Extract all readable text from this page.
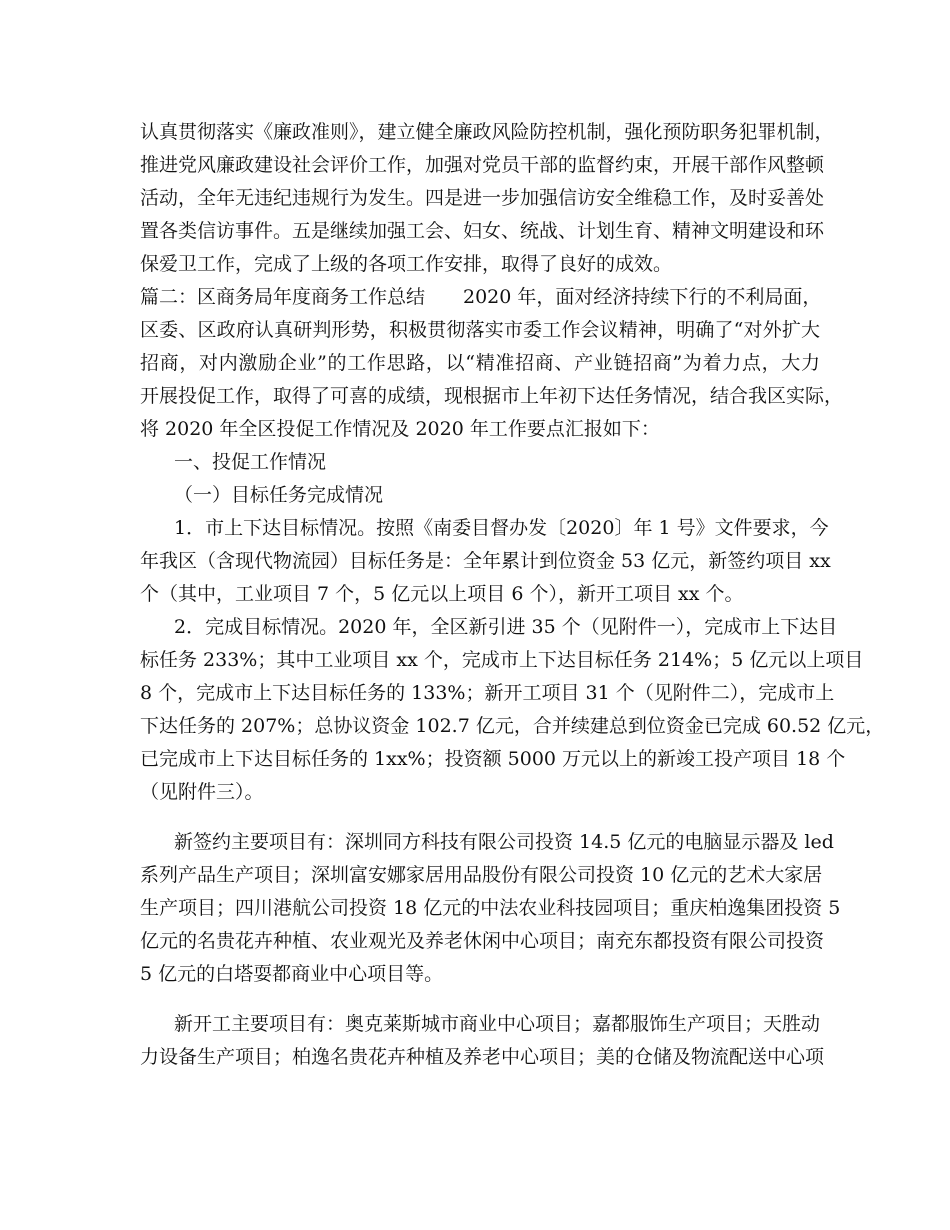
认真贯彻落实《廉政准则》，建立健全廉政风险防控机制，强化预防职务犯罪机制，
推进党风廉政建设社会评价工作，加强对党员干部的监督约束，开展干部作风整顿
活动，全年无违纪违规行为发生。四是进一步加强信访安全维稳工作，及时妥善处
置各类信访事件。五是继续加强工会、妇女、统战、计划生育、精神文明建设和环
保爱卫工作，完成了上级的各项工作安排，取得了良好的成效。
篇二：区商务局年度商务工作总结　　2020 年，面对经济持续下行的不利局面，
区委、区政府认真研判形势，积极贯彻落实市委工作会议精神，明确了“对外扩大
招商，对内激励企业”的工作思路，以“精准招商、产业链招商”为着力点，大力
开展投促工作，取得了可喜的成绩，现根据市上年初下达任务情况，结合我区实际，
将 2020 年全区投促工作情况及 2020 年工作要点汇报如下：
一、投促工作情况
（一）目标任务完成情况
1．市上下达目标情况。按照《南委目督办发〔2020〕年 1 号》文件要求，今
年我区（含现代物流园）目标任务是：全年累计到位资金 53 亿元，新签约项目 xx
个（其中，工业项目 7 个，5 亿元以上项目 6 个），新开工项目 xx 个。
2．完成目标情况。2020 年，全区新引进 35 个（见附件一），完成市上下达目
标任务 233%；其中工业项目 xx 个，完成市上下达目标任务 214%；5 亿元以上项目
8 个，完成市上下达目标任务的 133%；新开工项目 31 个（见附件二），完成市上
下达任务的 207%；总协议资金 102.7 亿元，合并续建总到位资金已完成 60.52 亿元，
已完成市上下达目标任务的 1xx%；投资额 5000 万元以上的新竣工投产项目 18 个
（见附件三）。
新签约主要项目有：深圳同方科技有限公司投资 14.5 亿元的电脑显示器及 led
系列产品生产项目；深圳富安娜家居用品股份有限公司投资 10 亿元的艺术大家居
生产项目；四川港航公司投资 18 亿元的中法农业科技园项目；重庆柏逸集团投资 5
亿元的名贵花卉种植、农业观光及养老休闲中心项目；南充东都投资有限公司投资
5 亿元的白塔耍都商业中心项目等。
新开工主要项目有：奥克莱斯城市商业中心项目；嘉都服饰生产项目；天胜动
力设备生产项目；柏逸名贵花卉种植及养老中心项目；美的仓储及物流配送中心项
